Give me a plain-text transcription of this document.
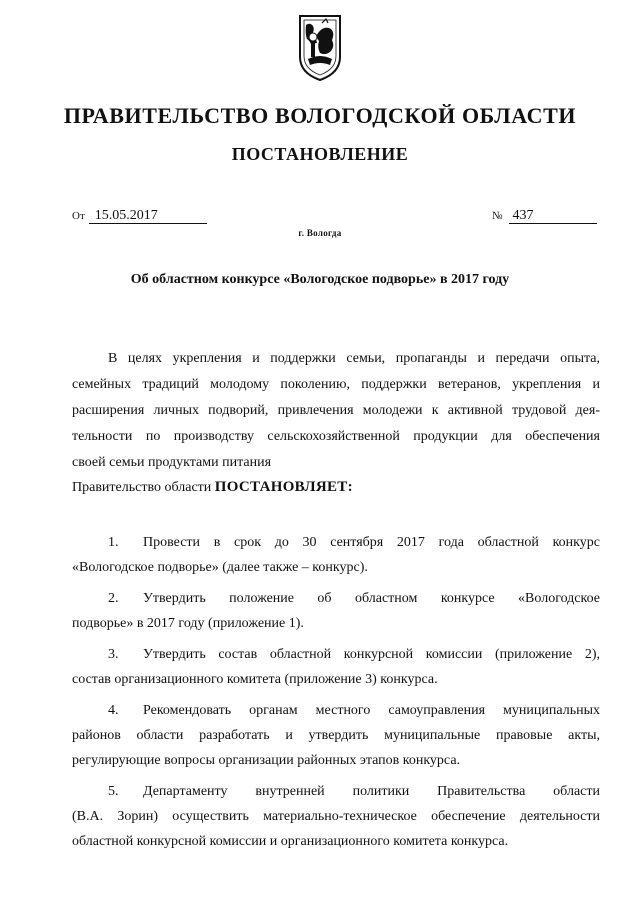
ПРАВИТЕЛЬСТВО ВОЛОГОДСКОЙ ОБЛАСТИ
ПОСТАНОВЛЕНИЕ
От 15.05.2017	№ 437
г. Вологда
Об областном конкурсе «Вологодское подворье» в 2017 году

В целях укрепления и поддержки семьи, пропаганды и передачи опыта,
семейных традиций молодому поколению, поддержки ветеранов, укрепления и
расширения личных подворий, привлечения молодежи к активной трудовой дея-
тельности по производству сельскохозяйственной продукции для обеспечения
своей семьи продуктами питания

Правительство области ПОСТАНОВЛЯЕТ:
1. Провести в срок до 30 сентября 2017 года областной конкурс
«Вологодское подворье» (далее также – конкурс).
2. Утвердить положение об областном конкурсе «Вологодское
подворье» в 2017 году (приложение 1).
3. Утвердить состав областной конкурсной комиссии (приложение 2),
состав организационного комитета (приложение 3) конкурса.
4. Рекомендовать органам местного самоуправления муниципальных
районов области разработать и утвердить муниципальные правовые акты,
регулирующие вопросы организации районных этапов конкурса.
5. Департаменту внутренней политики Правительства области
(В.А. Зорин) осуществить материально-техническое обеспечение деятельности
областной конкурсной комиссии и организационного комитета конкурса.
